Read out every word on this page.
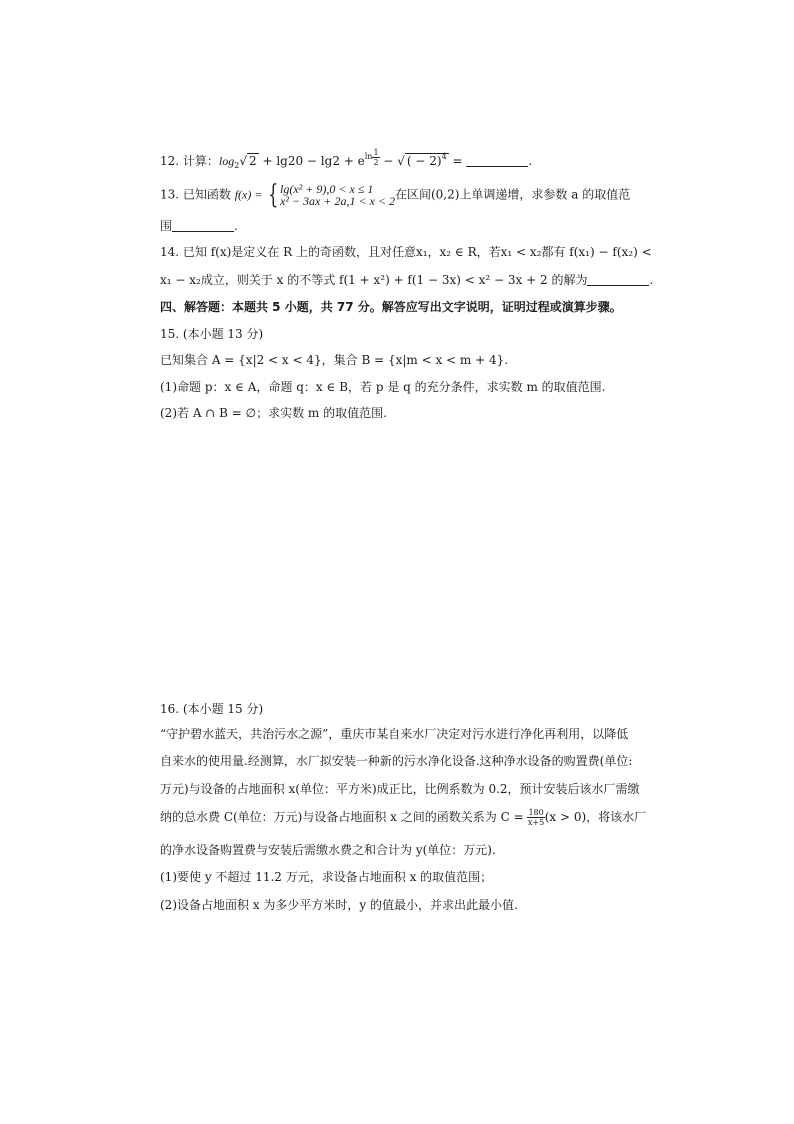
12. 计算：$\log_2√$ $2 + \lg 20 - \lg 2 + e^{ln \frac{1}{2}}$ − √ ( − 2)$^4$ =	.
13. 已知函数 f(x) = {lg(x² + 9),0 < x ≤ 1
x² − 3ax + 2a,1 < x < 2在区间(0,2)上单调递增，求参数 a 的取值范
围	.
14. 已知 f(x)是定义在 R 上的奇函数，且对任意x₁，x₂ ∈ R，若x₁ < x₂都有 f(x₁) − f(x₂) <
x₁ − x₂成立，则关于 x 的不等式 f(1 + x²) + f(1 − 3x) < x² − 3x + 2 的解为	.
四、解答题：本题共 5 小题，共 77 分。解答应写出文字说明，证明过程或演算步骤。
15. (本小题 13 分)
已知集合 A = {x|2 < x < 4}，集合 B = {x|m < x < m + 4}.
(1)命题 p：x ∈ A，命题 q：x ∈ B，若 p 是 q 的充分条件，求实数 m 的取值范围.
(2)若 A ∩ B = ∅；求实数 m 的取值范围.
16. (本小题 15 分)
“守护碧水蓝天，共治污水之源”，重庆市某自来水厂决定对污水进行净化再利用，以降低
自来水的使用量.经测算，水厂拟安装一种新的污水净化设备.这种净水设备的购置费(单位:
万元)与设备的占地面积 x(单位：平方米)成正比，比例系数为 0.2，预计安装后该水厂需缴
纳的总水费 C(单位：万元)与设备占地面积 x 之间的函数关系为 $C = \frac{180}{x+5} (x > 0)$，将该水厂
的净水设备购置费与安装后需缴水费之和合计为 y(单位：万元).
(1)要使 y 不超过 11.2 万元，求设备占地面积 x 的取值范围；
(2)设备占地面积 x 为多少平方米时，y 的值最小，并求出此最小值.
